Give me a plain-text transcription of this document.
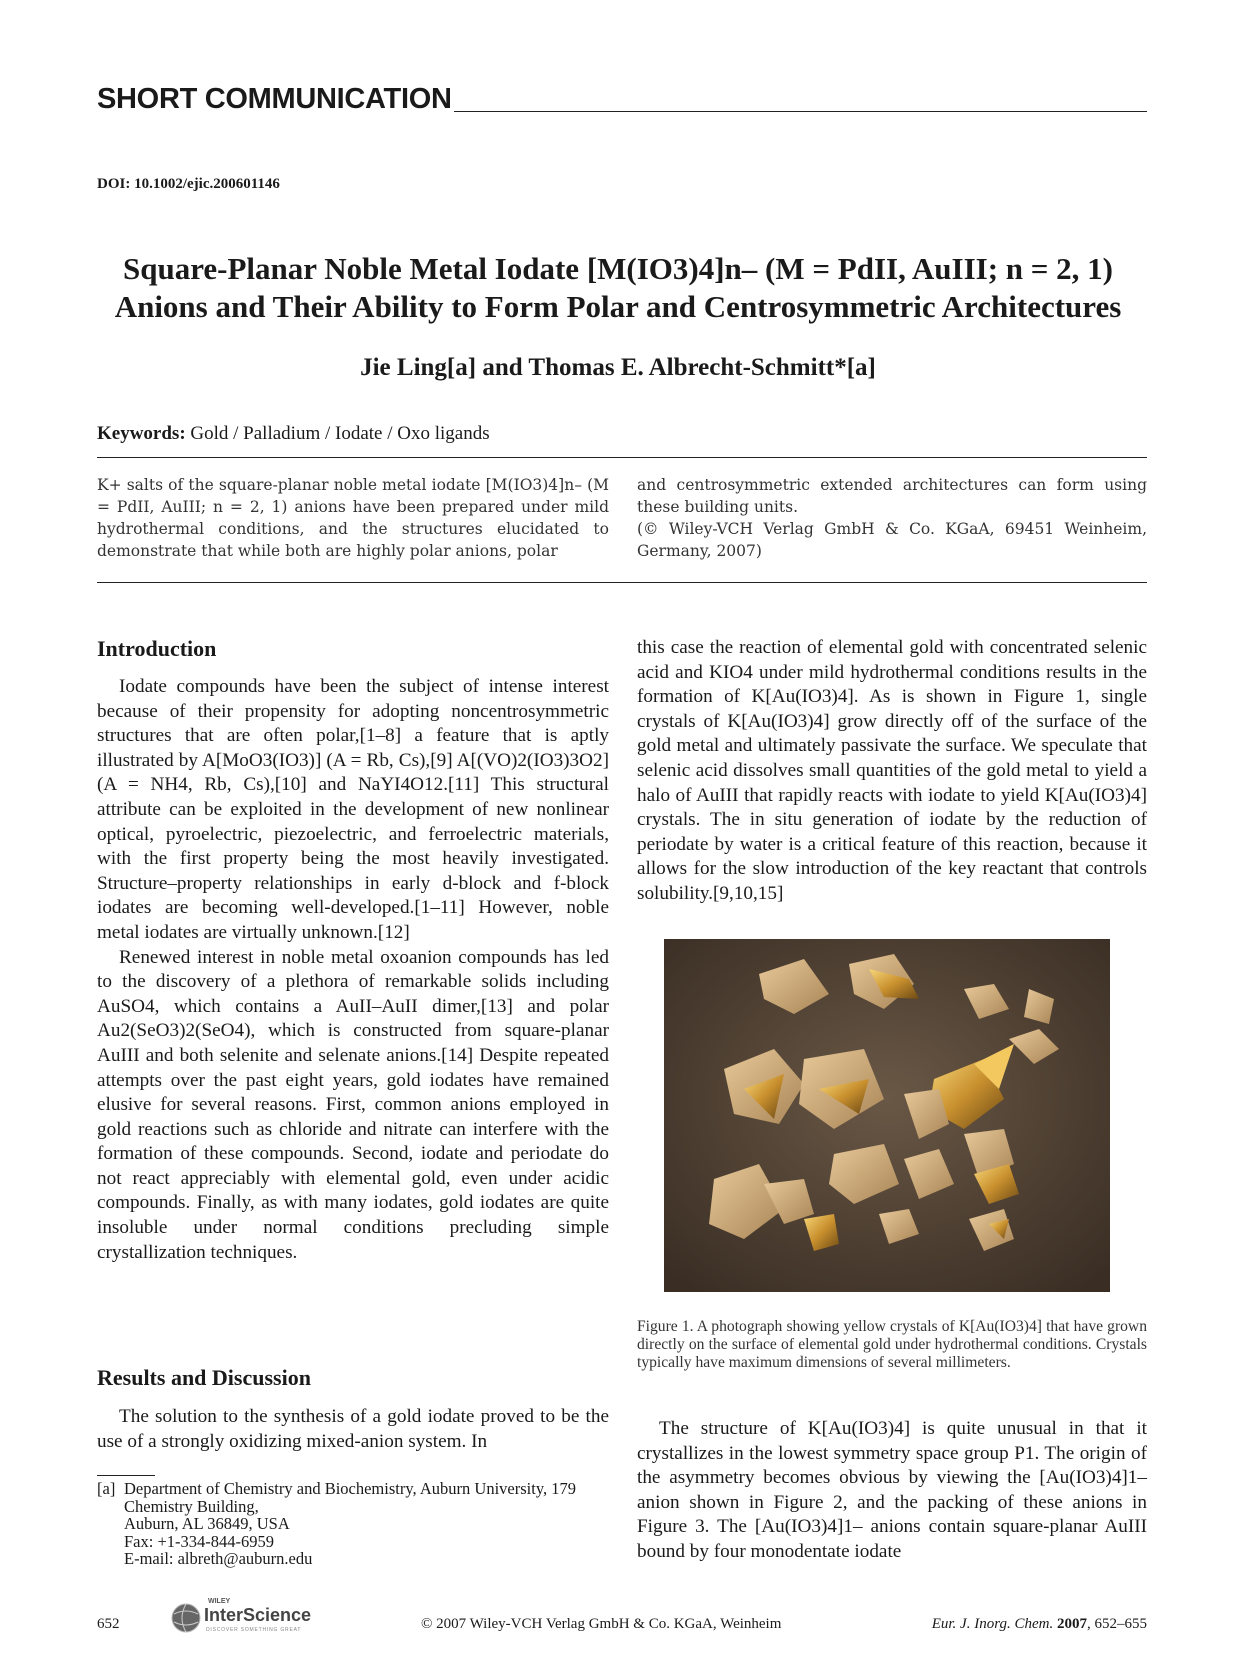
SHORT COMMUNICATION
DOI: 10.1002/ejic.200601146
Square-Planar Noble Metal Iodate [M(IO3)4]n– (M = PdII, AuIII; n = 2, 1)
Anions and Their Ability to Form Polar and Centrosymmetric Architectures
Jie Ling[a] and Thomas E. Albrecht-Schmitt*[a]
Keywords: Gold / Palladium / Iodate / Oxo ligands
K+ salts of the square-planar noble metal iodate [M(IO3)4]n– (M = PdII, AuIII; n = 2, 1) anions have been prepared under mild hydrothermal conditions, and the structures elucidated to demonstrate that while both are highly polar anions, polar
and centrosymmetric extended architectures can form using these building units.
(© Wiley-VCH Verlag GmbH & Co. KGaA, 69451 Weinheim, Germany, 2007)
Introduction

Iodate compounds have been the subject of intense interest because of their propensity for adopting noncentrosymmetric structures that are often polar,[1–8] a feature that is aptly illustrated by A[MoO3(IO3)] (A = Rb, Cs),[9] A[(VO)2(IO3)3O2] (A = NH4, Rb, Cs),[10] and NaYI4O12.[11] This structural attribute can be exploited in the development of new nonlinear optical, pyroelectric, piezoelectric, and ferroelectric materials, with the first property being the most heavily investigated. Structure–property relationships in early d-block and f-block iodates are becoming well-developed.[1–11] However, noble metal iodates are virtually unknown.[12]

Renewed interest in noble metal oxoanion compounds has led to the discovery of a plethora of remarkable solids including AuSO4, which contains a AuII–AuII dimer,[13] and polar Au2(SeO3)2(SeO4), which is constructed from square-planar AuIII and both selenite and selenate anions.[14] Despite repeated attempts over the past eight years, gold iodates have remained elusive for several reasons. First, common anions employed in gold reactions such as chloride and nitrate can interfere with the formation of these compounds. Second, iodate and periodate do not react appreciably with elemental gold, even under acidic compounds. Finally, as with many iodates, gold iodates are quite insoluble under normal conditions precluding simple crystallization techniques.

Results and Discussion

The solution to the synthesis of a gold iodate proved to be the use of a strongly oxidizing mixed-anion system. In

[a] Department of Chemistry and Biochemistry, Auburn University, 179 Chemistry Building,
Auburn, AL 36849, USA
Fax: +1-334-844-6959
E-mail: albreth@auburn.edu

this case the reaction of elemental gold with concentrated selenic acid and KIO4 under mild hydrothermal conditions results in the formation of K[Au(IO3)4]. As is shown in Figure 1, single crystals of K[Au(IO3)4] grow directly off of the surface of the gold metal and ultimately passivate the surface. We speculate that selenic acid dissolves small quantities of the gold metal to yield a halo of AuIII that rapidly reacts with iodate to yield K[Au(IO3)4] crystals. The in situ generation of iodate by the reduction of periodate by water is a critical feature of this reaction, because it allows for the slow introduction of the key reactant that controls solubility.[9,10,15]

Figure 1. A photograph showing yellow crystals of K[Au(IO3)4] that have grown directly on the surface of elemental gold under hydrothermal conditions. Crystals typically have maximum dimensions of several millimeters.

The structure of K[Au(IO3)4] is quite unusual in that it crystallizes in the lowest symmetry space group P1. The origin of the asymmetry becomes obvious by viewing the [Au(IO3)4]1– anion shown in Figure 2, and the packing of these anions in Figure 3. The [Au(IO3)4]1– anions contain square-planar AuIII bound by four monodentate iodate

652
WILEY
InterScience
DISCOVER SOMETHING GREAT	© 2007 Wiley-VCH Verlag GmbH & Co. KGaA, Weinheim	Eur. J. Inorg. Chem. 2007, 652–655
